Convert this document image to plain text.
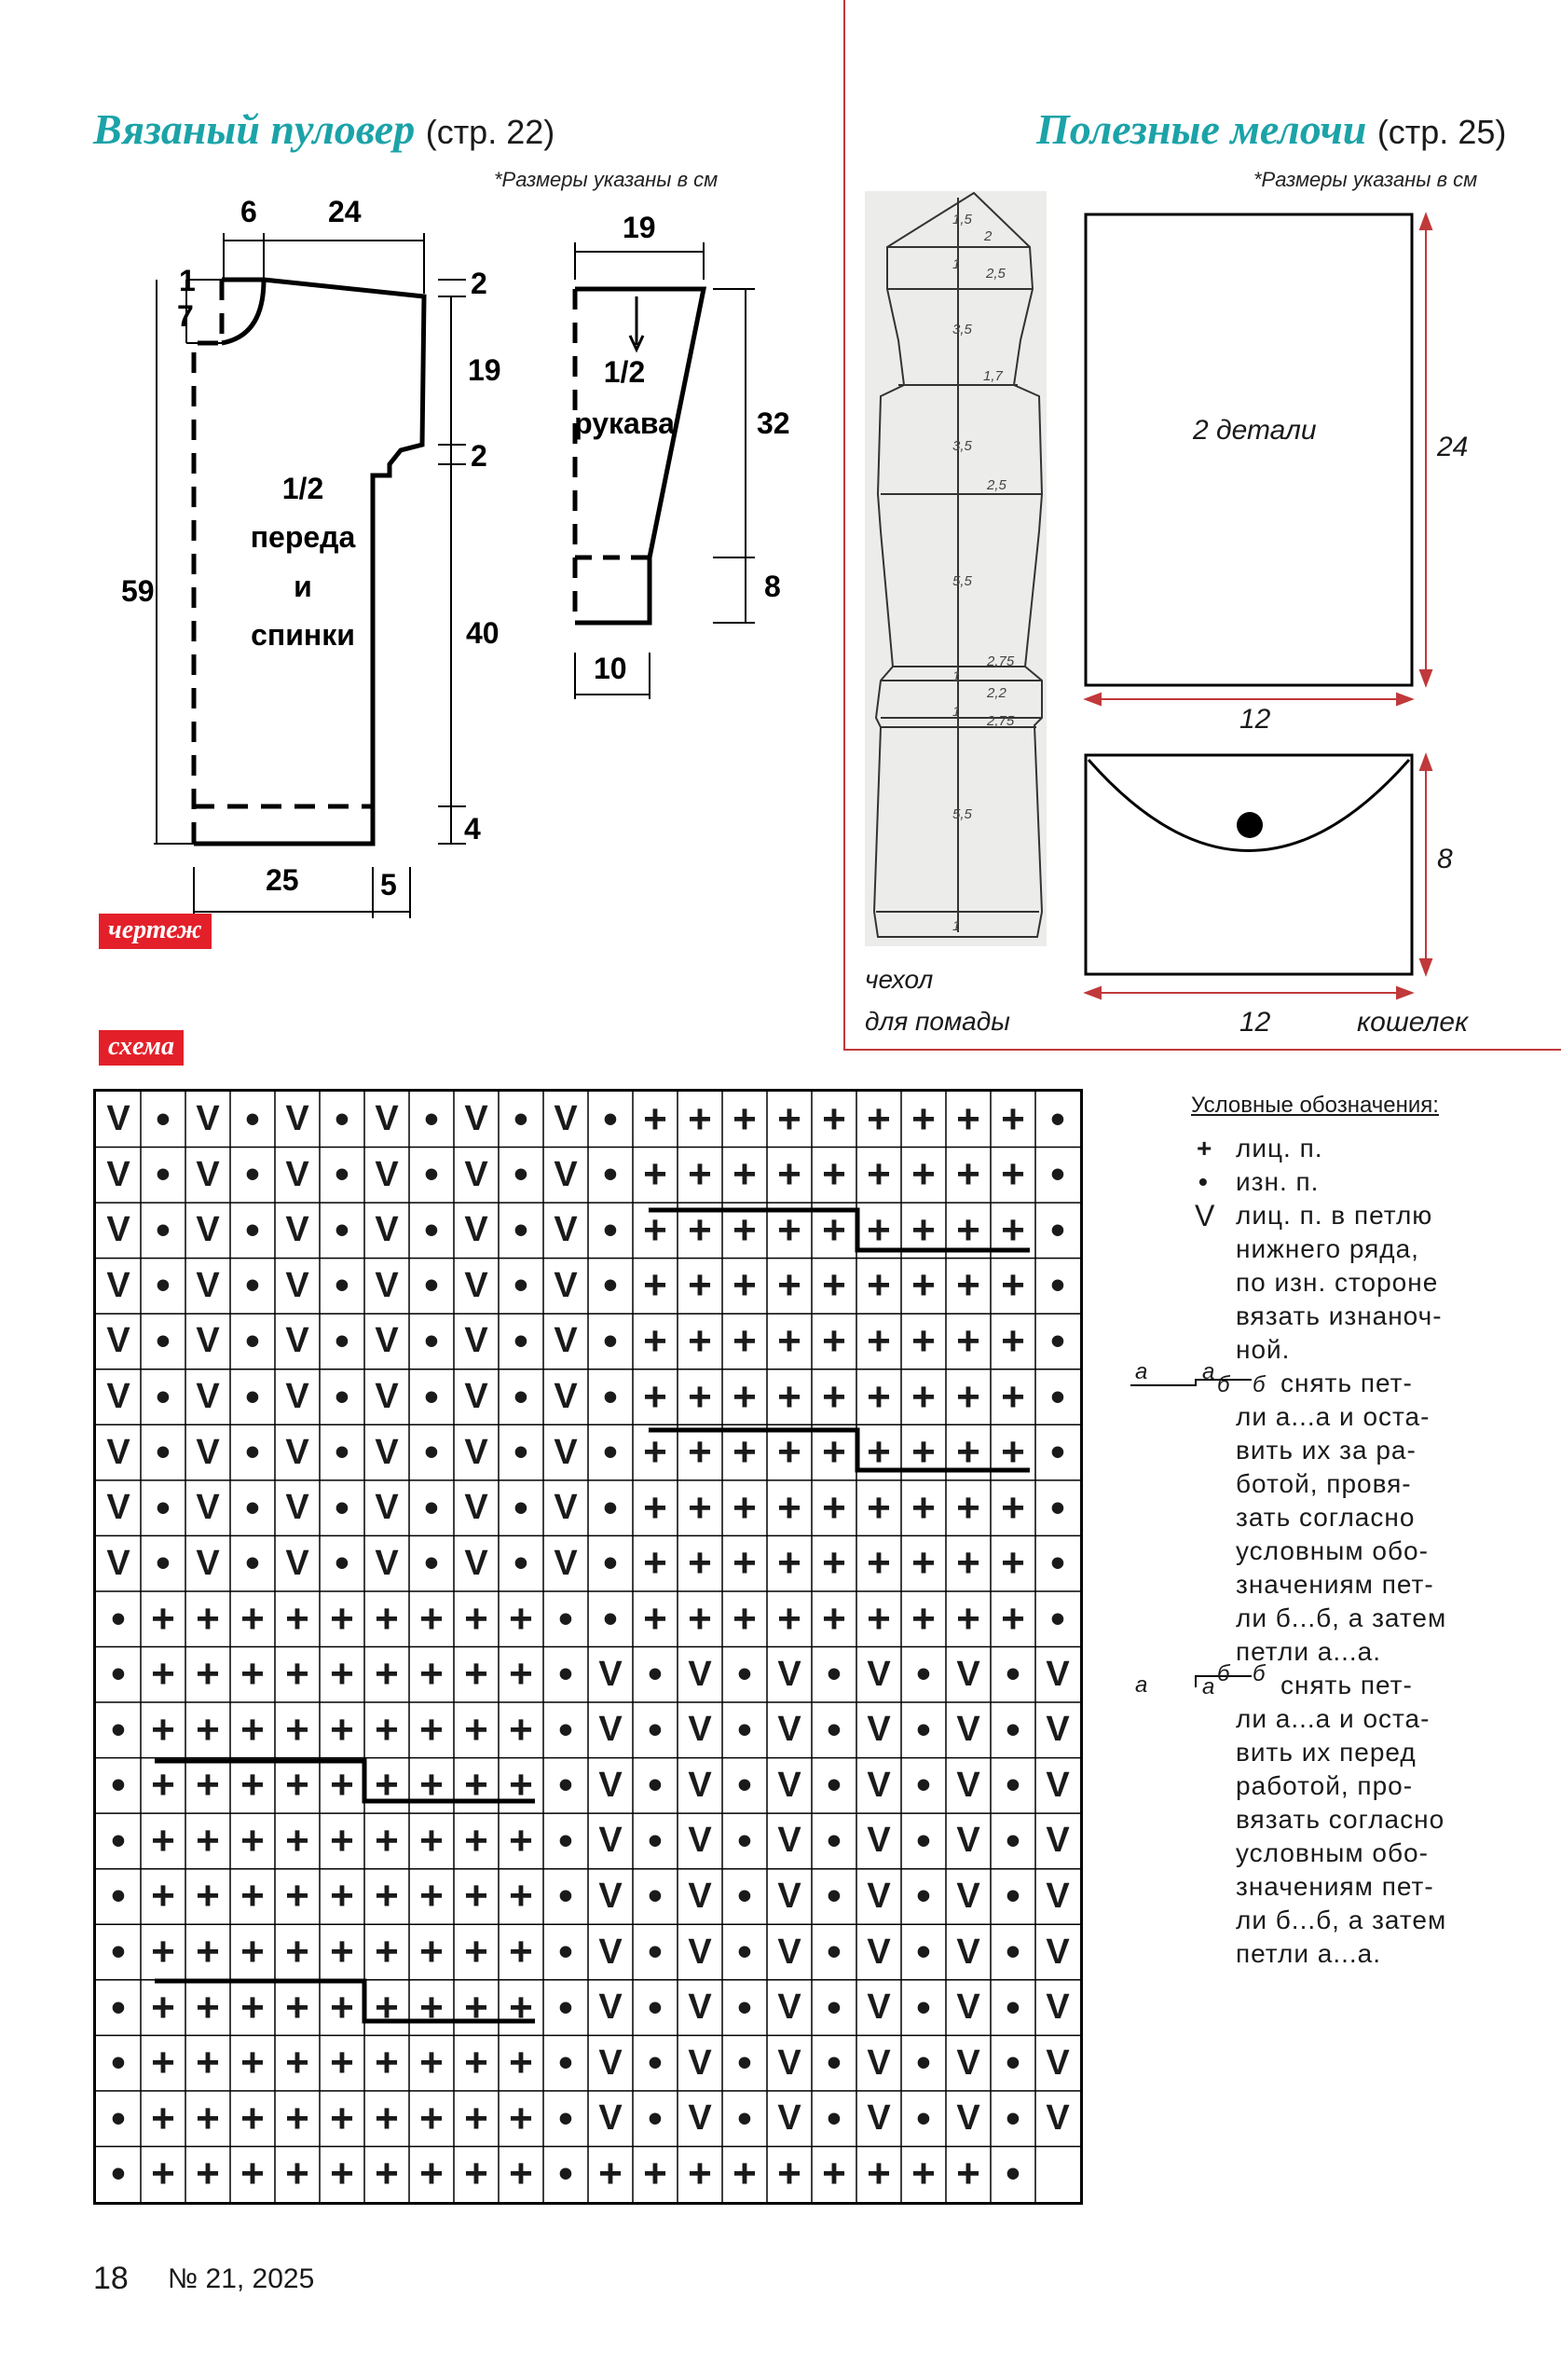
Вязаный пуловер (стр. 22)
*Размеры указаны в см
Полезные мелочи (стр. 25)
*Размеры указаны в см
6 24
1
7
59
2
19
2
40
4
25	5
19
32
8
10
1/2
переда
и
спинки
1/2
рукава
чертеж
схема
1,5
2
1
2,5
3,5
1,7
3,5
2,5
5,5
2,75
1
2,2
1
2,75
5,5
1
чехол
для помады
2 детали
24
12
8
12	кошелек
V • V • V • V • V • V • + + + + + + + + + •
V • V • V • V • V • V • + + + + + + + + + •
V • V • V • V • V • V • + + + + + + + + + •
V • V • V • V • V • V • + + + + + + + + + •
V • V • V • V • V • V • + + + + + + + + + •
V • V • V • V • V • V • + + + + + + + + + •
V • V • V • V • V • V • + + + + + + + + + •
V • V • V • V • V • V • + + + + + + + + + •
V • V • V • V • V • V • + + + + + + + + + •
• + + + + + + + + + • • + + + + + + + + + •
• + + + + + + + + + • V • V • V • V • V • V
• + + + + + + + + + • V • V • V • V • V • V
• + + + + + + + + + • V • V • V • V • V • V
• + + + + + + + + + • V • V • V • V • V • V
• + + + + + + + + + • V • V • V • V • V • V
• + + + + + + + + + • V • V • V • V • V • V
• + + + + + + + + + • V • V • V • V • V • V
• + + + + + + + + + • V • V • V • V • V • V
• + + + + + + + + + • V • V • V • V • V • V
• + + + + + + + + + • + + + + + + + + + •
Условные обозначения:
+ лиц. п.
• изн. п.
V лиц. п. в петлю
нижнего ряда,
по изн. стороне
вязать изнаноч-
ной.
а а
б б снять пет-
ли а...а и оста-
вить их за ра-
ботой, провя-
зать согласно
условным обо-
значениям пет-
ли б...б, а затем
петли а...а.
а а
б б снять пет-
ли а...а и оста-
вить их перед
работой, про-
вязать согласно
условным обо-
значениям пет-
ли б...б, а затем
петли а...а.
18 № 21, 2025
